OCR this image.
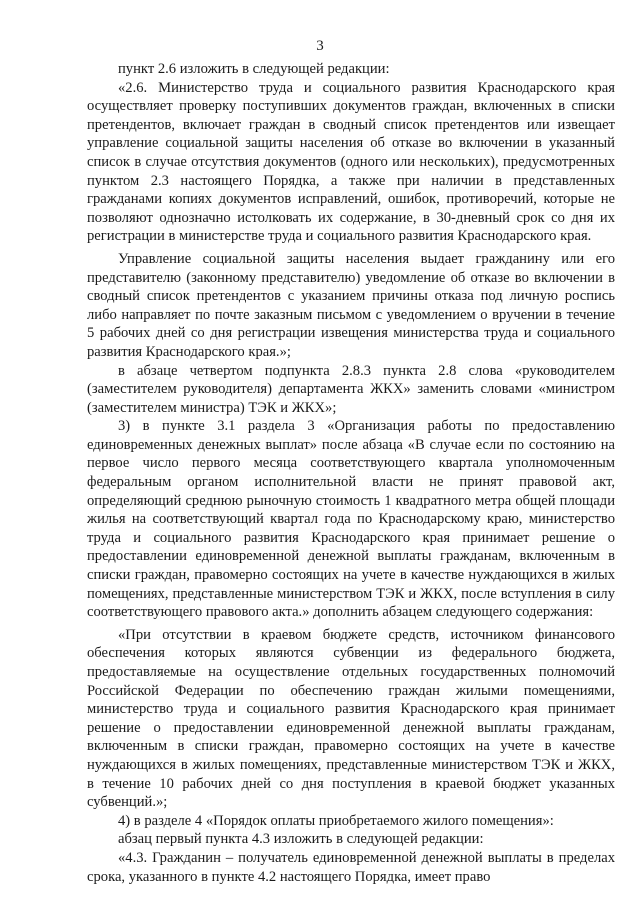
3

пункт 2.6 изложить в следующей редакции:

«2.6. Министерство труда и социального развития Краснодарского края осуществляет проверку поступивших документов граждан, включенных в списки претендентов, включает граждан в сводный список претендентов или извещает управление социальной защиты населения об отказе во включении в указанный список в случае отсутствия документов (одного или нескольких), предусмотренных пунктом 2.3 настоящего Порядка, а также при наличии в представленных гражданами копиях документов исправлений, ошибок, противоречий, которые не позволяют однозначно истолковать их содержание, в 30-дневный срок со дня их регистрации в министерстве труда и социального развития Краснодарского края.

Управление социальной защиты населения выдает гражданину или его представителю (законному представителю) уведомление об отказе во включении в сводный список претендентов с указанием причины отказа под личную роспись либо направляет по почте заказным письмом с уведомлением о вручении в течение 5 рабочих дней со дня регистрации извещения министерства труда и социального развития Краснодарского края.»;

в абзаце четвертом подпункта 2.8.3 пункта 2.8 слова «руководителем (заместителем руководителя) департамента ЖКХ» заменить словами «министром (заместителем министра) ТЭК и ЖКХ»;

3) в пункте 3.1 раздела 3 «Организация работы по предоставлению единовременных денежных выплат» после абзаца «В случае если по состоянию на первое число первого месяца соответствующего квартала уполномоченным федеральным органом исполнительной власти не принят правовой акт, определяющий среднюю рыночную стоимость 1 квадратного метра общей площади жилья на соответствующий квартал года по Краснодарскому краю, министерство труда и социального развития Краснодарского края принимает решение о предоставлении единовременной денежной выплаты гражданам, включенным в списки граждан, правомерно состоящих на учете в качестве нуждающихся в жилых помещениях, представленные министерством ТЭК и ЖКХ, после вступления в силу соответствующего правового акта.» дополнить абзацем следующего содержания:

«При отсутствии в краевом бюджете средств, источником финансового обеспечения которых являются субвенции из федерального бюджета, предоставляемые на осуществление отдельных государственных полномочий Российской Федерации по обеспечению граждан жилыми помещениями, министерство труда и социального развития Краснодарского края принимает решение о предоставлении единовременной денежной выплаты гражданам, включенным в списки граждан, правомерно состоящих на учете в качестве нуждающихся в жилых помещениях, представленные министерством ТЭК и ЖКХ, в течение 10 рабочих дней со дня поступления в краевой бюджет указанных субвенций.»;

4) в разделе 4 «Порядок оплаты приобретаемого жилого помещения»:

абзац первый пункта 4.3 изложить в следующей редакции:

«4.3. Гражданин – получатель единовременной денежной выплаты в пределах срока, указанного в пункте 4.2 настоящего Порядка, имеет право
